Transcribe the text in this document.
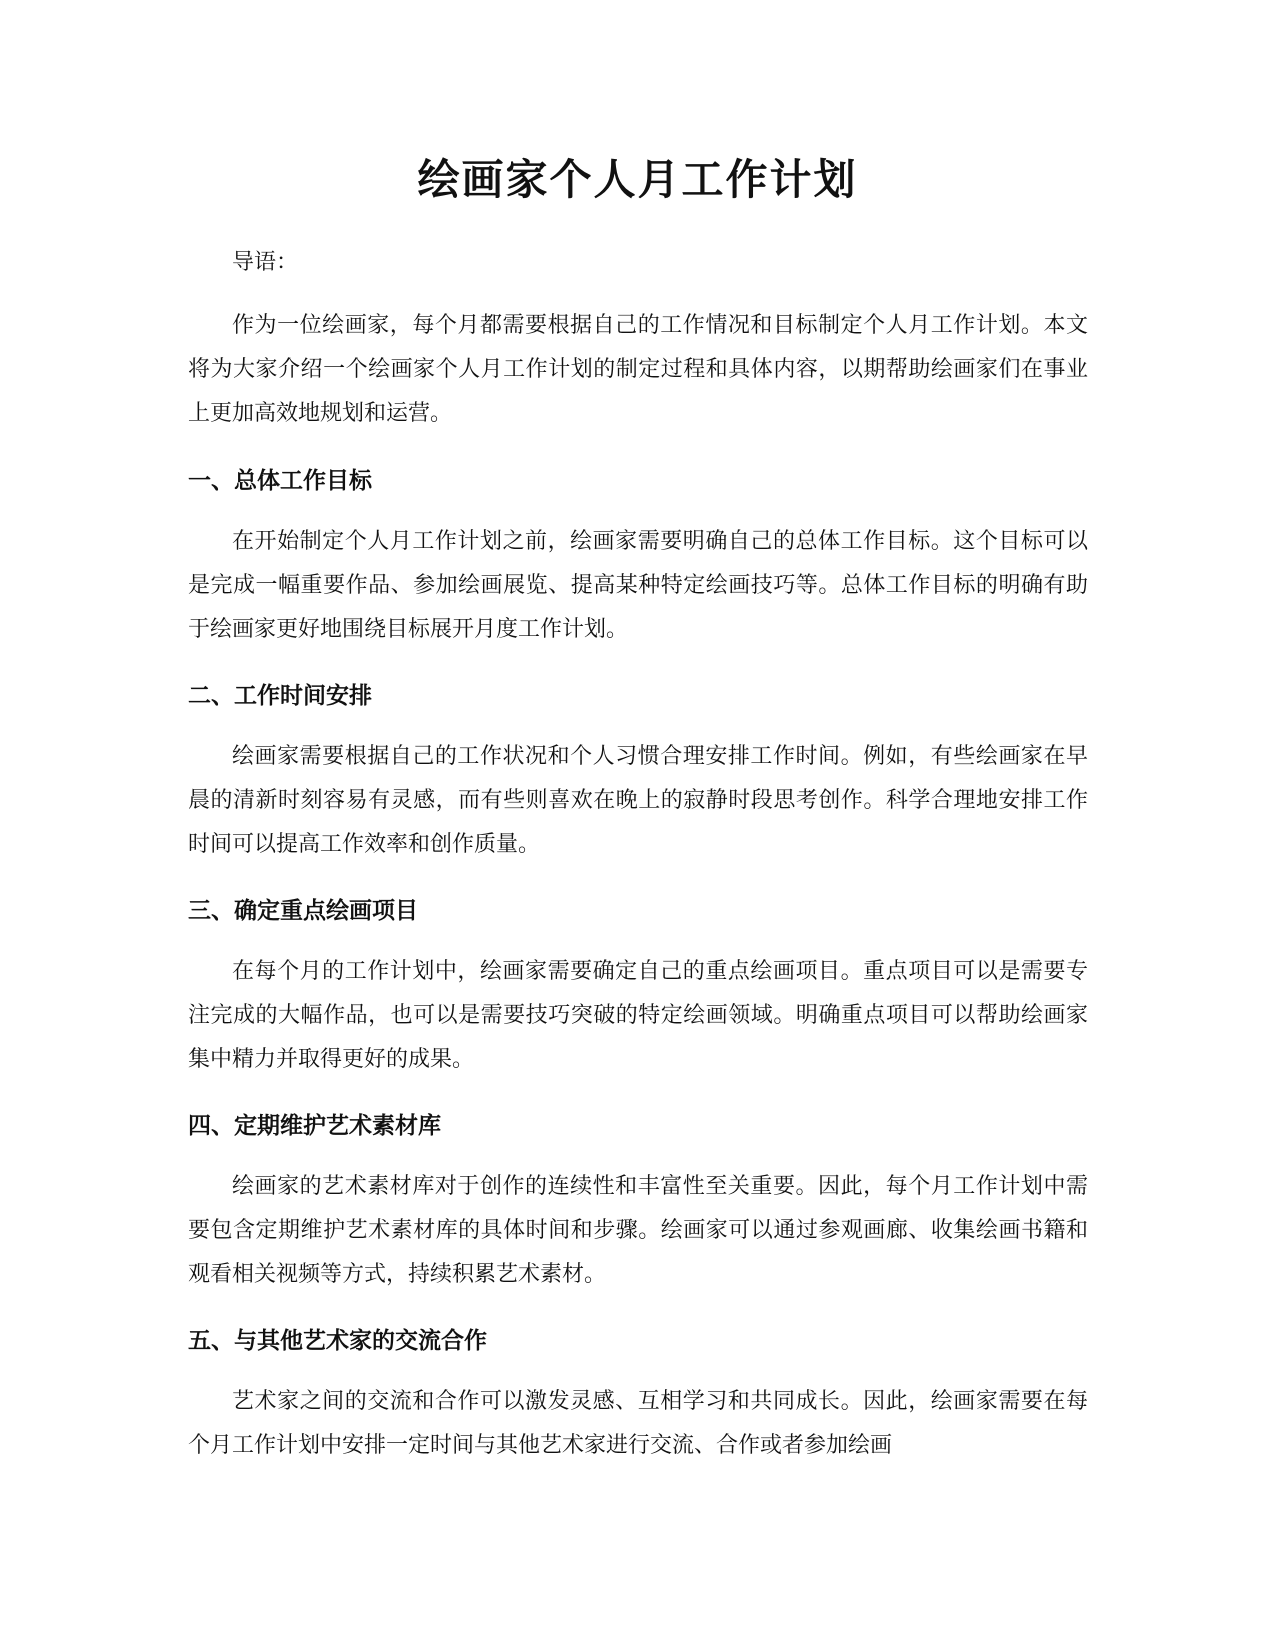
绘画家个人月工作计划
导语：
作为一位绘画家，每个月都需要根据自己的工作情况和目标制定个人月工作计划。本文将为大家介绍一个绘画家个人月工作计划的制定过程和具体内容，以期帮助绘画家们在事业上更加高效地规划和运营。
一、总体工作目标
在开始制定个人月工作计划之前，绘画家需要明确自己的总体工作目标。这个目标可以是完成一幅重要作品、参加绘画展览、提高某种特定绘画技巧等。总体工作目标的明确有助于绘画家更好地围绕目标展开月度工作计划。
二、工作时间安排
绘画家需要根据自己的工作状况和个人习惯合理安排工作时间。例如，有些绘画家在早晨的清新时刻容易有灵感，而有些则喜欢在晚上的寂静时段思考创作。科学合理地安排工作时间可以提高工作效率和创作质量。
三、确定重点绘画项目
在每个月的工作计划中，绘画家需要确定自己的重点绘画项目。重点项目可以是需要专注完成的大幅作品，也可以是需要技巧突破的特定绘画领域。明确重点项目可以帮助绘画家集中精力并取得更好的成果。
四、定期维护艺术素材库
绘画家的艺术素材库对于创作的连续性和丰富性至关重要。因此，每个月工作计划中需要包含定期维护艺术素材库的具体时间和步骤。绘画家可以通过参观画廊、收集绘画书籍和观看相关视频等方式，持续积累艺术素材。
五、与其他艺术家的交流合作
艺术家之间的交流和合作可以激发灵感、互相学习和共同成长。因此，绘画家需要在每个月工作计划中安排一定时间与其他艺术家进行交流、合作或者参加绘画
